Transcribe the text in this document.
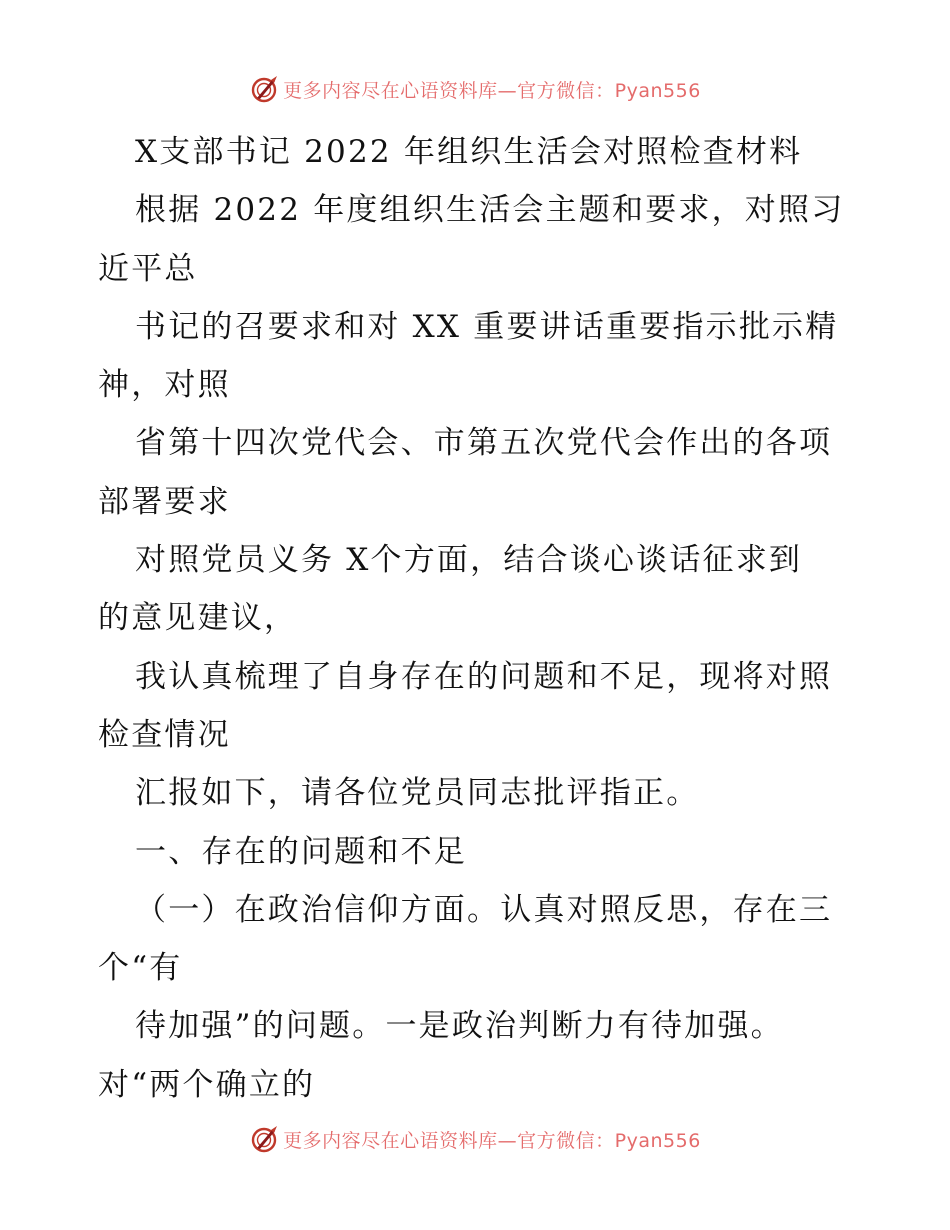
更多内容尽在心语资料库—官方微信：Pyan556
X支部书记 2022 年组织生活会对照检查材料
根据 2022 年度组织生活会主题和要求，对照习
近平总
书记的召要求和对 XX 重要讲话重要指示批示精
神，对照
省第十四次党代会、市第五次党代会作出的各项
部署要求
对照党员义务 X个方面，结合谈心谈话征求到
的意见建议，
我认真梳理了自身存在的问题和不足，现将对照
检查情况
汇报如下，请各位党员同志批评指正。
一、存在的问题和不足
（一）在政治信仰方面。认真对照反思，存在三
个“有
待加强”的问题。一是政治判断力有待加强。
对“两个确立的
更多内容尽在心语资料库—官方微信：Pyan556
